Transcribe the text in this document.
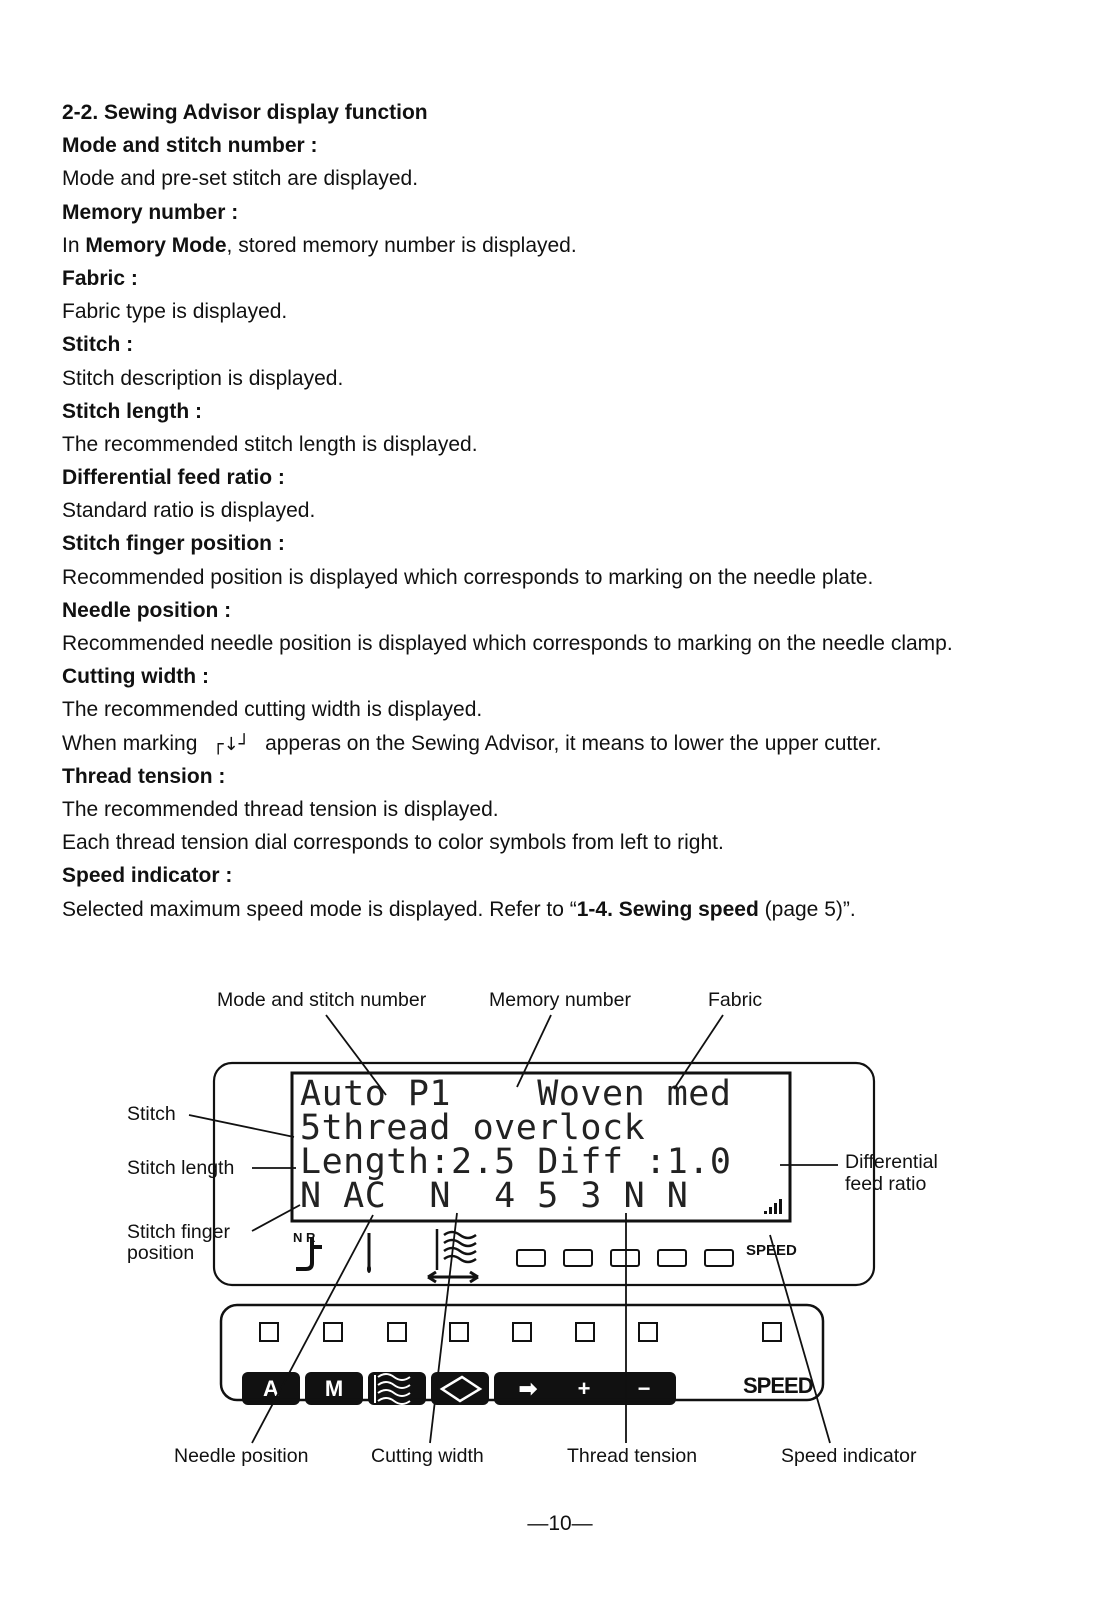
2-2. Sewing Advisor display function

Mode and stitch number :

Mode and pre-set stitch are displayed.

Memory number :

In Memory Mode, stored memory number is displayed.

Fabric :

Fabric type is displayed.

Stitch :

Stitch description is displayed.

Stitch length :

The recommended stitch length is displayed.

Differential feed ratio :

Standard ratio is displayed.

Stitch finger position :

Recommended position is displayed which corresponds to marking on the needle plate.

Needle position :

Recommended needle position is displayed which corresponds to marking on the needle clamp.

Cutting width :

The recommended cutting width is displayed.

When marking ┌↓┘ apperas on the Sewing Advisor, it means to lower the upper cutter.

Thread tension :

The recommended thread tension is displayed.

Each thread tension dial corresponds to color symbols from left to right.

Speed indicator :

Selected maximum speed mode is displayed. Refer to “1-4. Sewing speed (page 5)”.

Mode and stitch number	Memory number	Fabric
Stitch
Stitch length
Stitch finger
position
Differential
feed ratio
Needle position	Cutting width	Thread tension	Speed indicator
Auto P1    Woven med
5thread overlock
Length:2.5 Diff :1.0
N AC  N  4 5 3 N N
N R
SPEED
A	M	➡	+	−	SPEED
—10—
